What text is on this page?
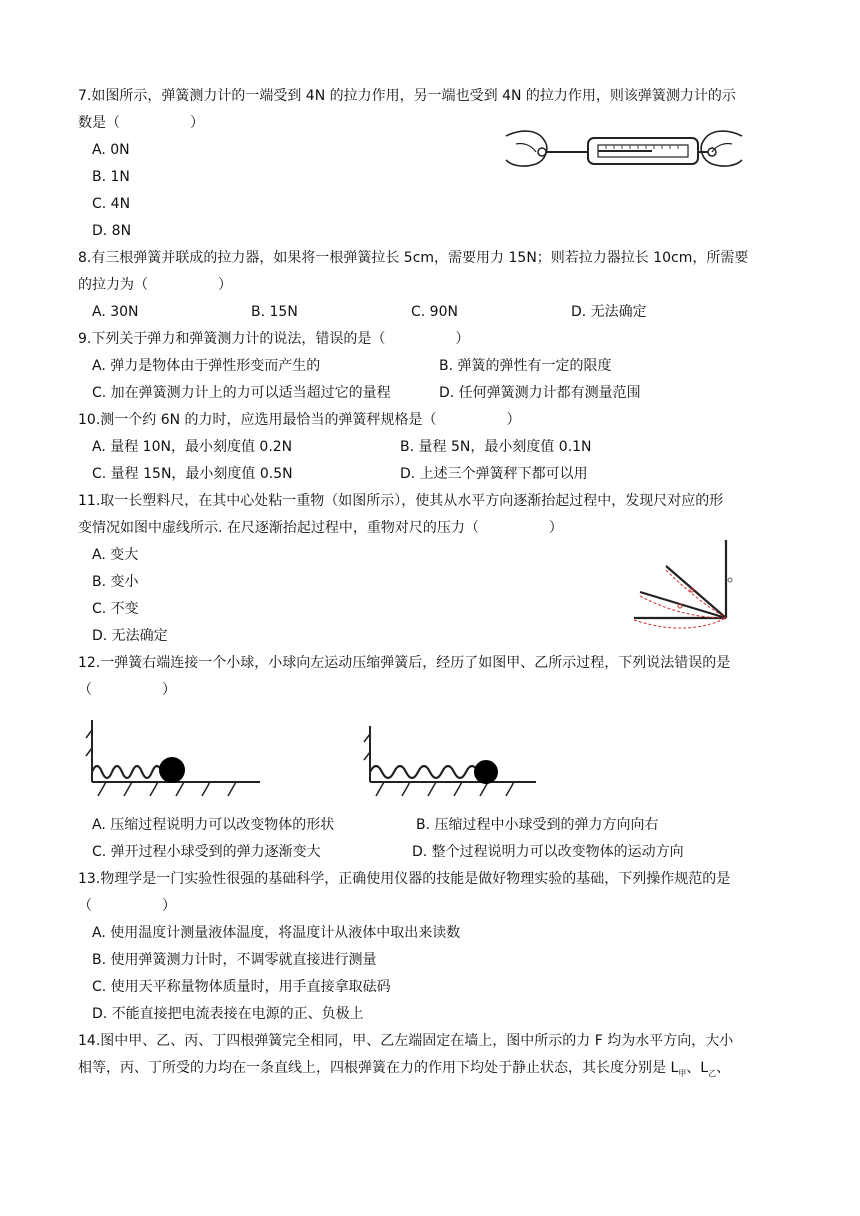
7.如图所示，弹簧测力计的一端受到 4N 的拉力作用，另一端也受到 4N 的拉力作用，则该弹簧测力计的示
数是（　　　　　）
A. 0N
B. 1N
C. 4N
D. 8N
8.有三根弹簧并联成的拉力器，如果将一根弹簧拉长 5cm，需要用力 15N；则若拉力器拉长 10cm，所需要
的拉力为（　　　　　）
A. 30N	B. 15N	C. 90N	D. 无法确定
9.下列关于弹力和弹簧测力计的说法，错误的是（　　　　　）
A. 弹力是物体由于弹性形变而产生的	B. 弹簧的弹性有一定的限度
C. 加在弹簧测力计上的力可以适当超过它的量程	D. 任何弹簧测力计都有测量范围
10.测一个约 6N 的力时，应选用最恰当的弹簧秤规格是（　　　　　）
A. 量程 10N，最小刻度值 0.2N	B. 量程 5N，最小刻度值 0.1N
C. 量程 15N，最小刻度值 0.5N	D. 上述三个弹簧秤下都可以用
11.取一长塑料尺，在其中心处粘一重物（如图所示），使其从水平方向逐渐抬起过程中，发现尺对应的形
变情况如图中虚线所示. 在尺逐渐抬起过程中，重物对尺的压力（　　　　　）
A. 变大
B. 变小
C. 不变
D. 无法确定
12.一弹簧右端连接一个小球，小球向左运动压缩弹簧后，经历了如图甲、乙所示过程，下列说法错误的是
（　　　　　）
A. 压缩过程说明力可以改变物体的形状	B. 压缩过程中小球受到的弹力方向向右
C. 弹开过程小球受到的弹力逐渐变大	D. 整个过程说明力可以改变物体的运动方向
13.物理学是一门实验性很强的基础科学，正确使用仪器的技能是做好物理实验的基础，下列操作规范的是
（　　　　　）
A. 使用温度计测量液体温度，将温度计从液体中取出来读数
B. 使用弹簧测力计时，不调零就直接进行测量
C. 使用天平称量物体质量时，用手直接拿取砝码
D. 不能直接把电流表接在电源的正、负极上
14.图中甲、乙、丙、丁四根弹簧完全相同，甲、乙左端固定在墙上，图中所示的力 F 均为水平方向，大小
相等，丙、丁所受的力均在一条直线上，四根弹簧在力的作用下均处于静止状态，其长度分别是 $L_甲$、$L_乙$、
